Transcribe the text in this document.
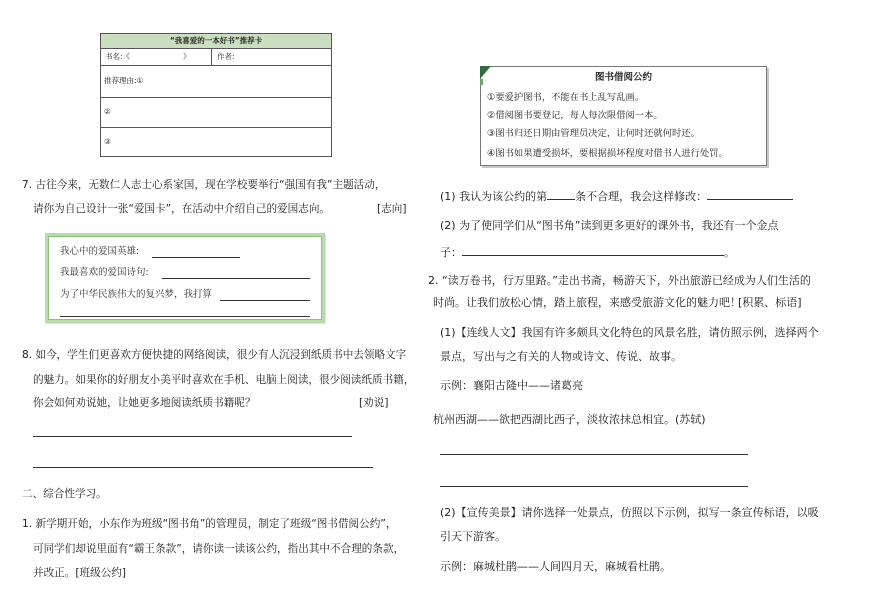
“我喜爱的一本好书”推荐卡
书名:《	》	作者:
推荐理由:①
②
③
7. 古往今来，无数仁人志士心系家国，现在学校要举行“强国有我”主题活动，
请你为自己设计一张“爱国卡”，在活动中介绍自己的爱国志向。	[志向]
我心中的爱国英雄:
我最喜欢的爱国诗句:
为了中华民族伟大的复兴梦，我打算
8. 如今，学生们更喜欢方便快捷的网络阅读，很少有人沉浸到纸质书中去领略文字
的魅力。如果你的好朋友小美平时喜欢在手机、电脑上阅读，很少阅读纸质书籍，
你会如何劝说她，让她更多地阅读纸质书籍呢？	[劝说]
二、综合性学习。
1. 新学期开始，小东作为班级“图书角”的管理员，制定了班级“图书借阅公约”，
可同学们却说里面有“霸王条款”，请你读一读该公约，指出其中不合理的条款，
并改正。[班级公约]
图书借阅公约
①要爱护图书，不能在书上乱写乱画。
②借阅图书要登记，每人每次限借阅一本。
③图书归还日期由管理员决定，让何时还就何时还。
④图书如果遭受损坏，要根据损坏程度对借书人进行处罚。
(1) 我认为该公约的第	条不合理，我会这样修改：
(2) 为了使同学们从“图书角”读到更多更好的课外书，我还有一个金点
子：	。
2. “读万卷书，行万里路。”走出书斋，畅游天下，外出旅游已经成为人们生活的
时尚。让我们放松心情，踏上旅程，来感受旅游文化的魅力吧！
[积累、标语]
(1)【连线人文】我国有许多颇具文化特色的风景名胜，请仿照示例，选择两个
景点，写出与之有关的人物或诗文、传说、故事。
示例：襄阳古隆中——诸葛亮
杭州西湖——欲把西湖比西子，淡妆浓抹总相宜。(苏轼)
(2)【宣传美景】请你选择一处景点，仿照以下示例，拟写一条宣传标语，以吸
引天下游客。
示例：麻城杜鹃——人间四月天，麻城看杜鹃。
